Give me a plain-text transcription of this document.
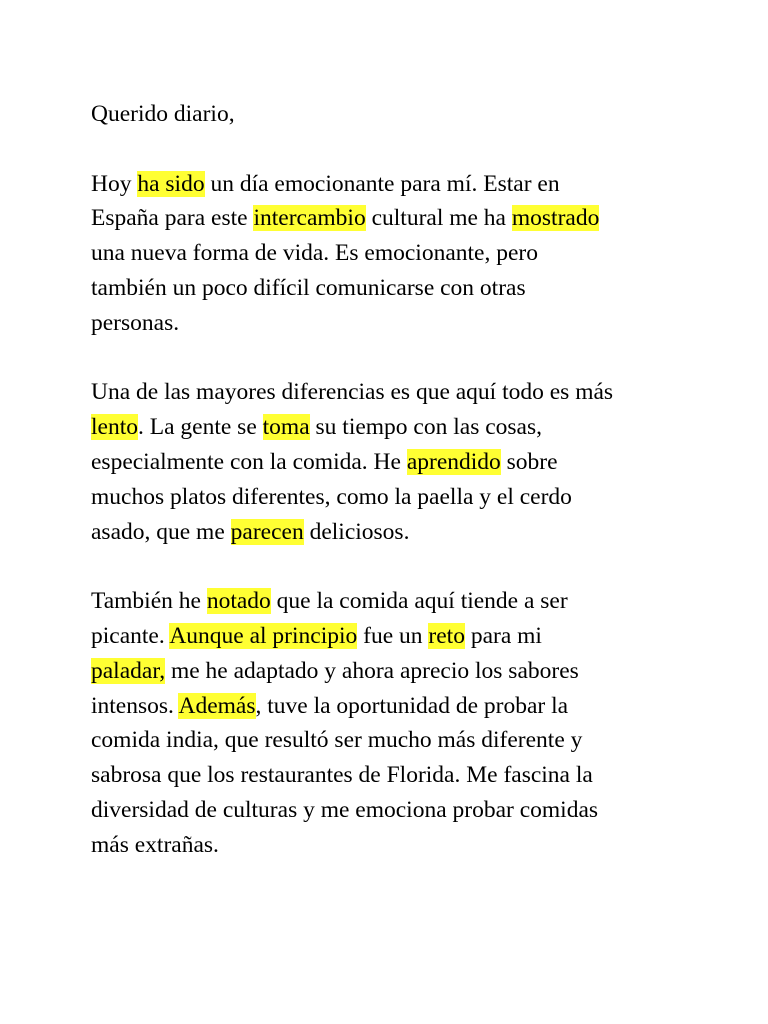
Querido diario,
Hoy ha sido un día emocionante para mí. Estar en
España para este intercambio cultural me ha mostrado
una nueva forma de vida. Es emocionante, pero
también un poco difícil comunicarse con otras
personas.
Una de las mayores diferencias es que aquí todo es más
lento. La gente se toma su tiempo con las cosas,
especialmente con la comida. He aprendido sobre
muchos platos diferentes, como la paella y el cerdo
asado, que me parecen deliciosos.
También he notado que la comida aquí tiende a ser
picante. Aunque al principio fue un reto para mi
paladar, me he adaptado y ahora aprecio los sabores
intensos. Además, tuve la oportunidad de probar la
comida india, que resultó ser mucho más diferente y
sabrosa que los restaurantes de Florida. Me fascina la
diversidad de culturas y me emociona probar comidas
más extrañas.
